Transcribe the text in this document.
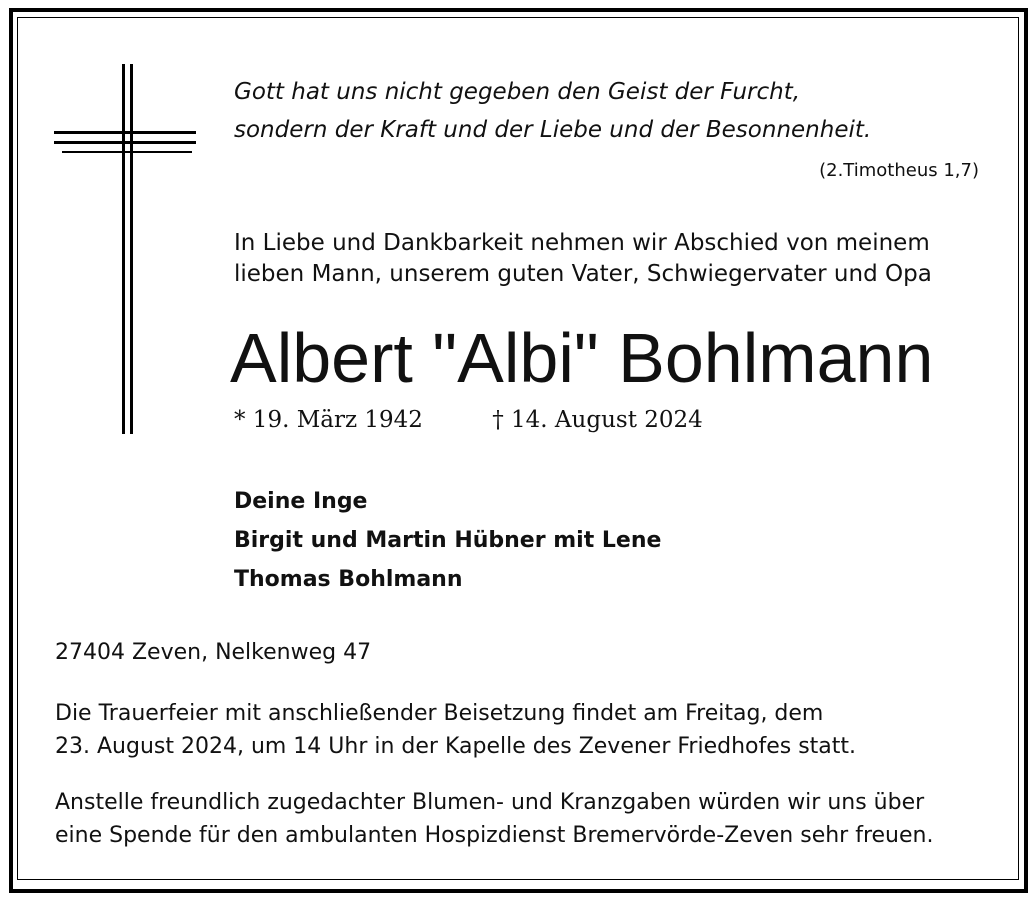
Gott hat uns nicht gegeben den Geist der Furcht,
sondern der Kraft und der Liebe und der Besonnenheit.
(2.Timotheus 1,7)
In Liebe und Dankbarkeit nehmen wir Abschied von meinem
lieben Mann, unserem guten Vater, Schwiegervater und Opa
Albert "Albi" Bohlmann
* 19. März 1942	† 14. August 2024
Deine Inge
Birgit und Martin Hübner mit Lene
Thomas Bohlmann
27404 Zeven, Nelkenweg 47
Die Trauerfeier mit anschließender Beisetzung findet am Freitag, dem
23. August 2024, um 14 Uhr in der Kapelle des Zevener Friedhofes statt.
Anstelle freundlich zugedachter Blumen- und Kranzgaben würden wir uns über
eine Spende für den ambulanten Hospizdienst Bremervörde-Zeven sehr freuen.
